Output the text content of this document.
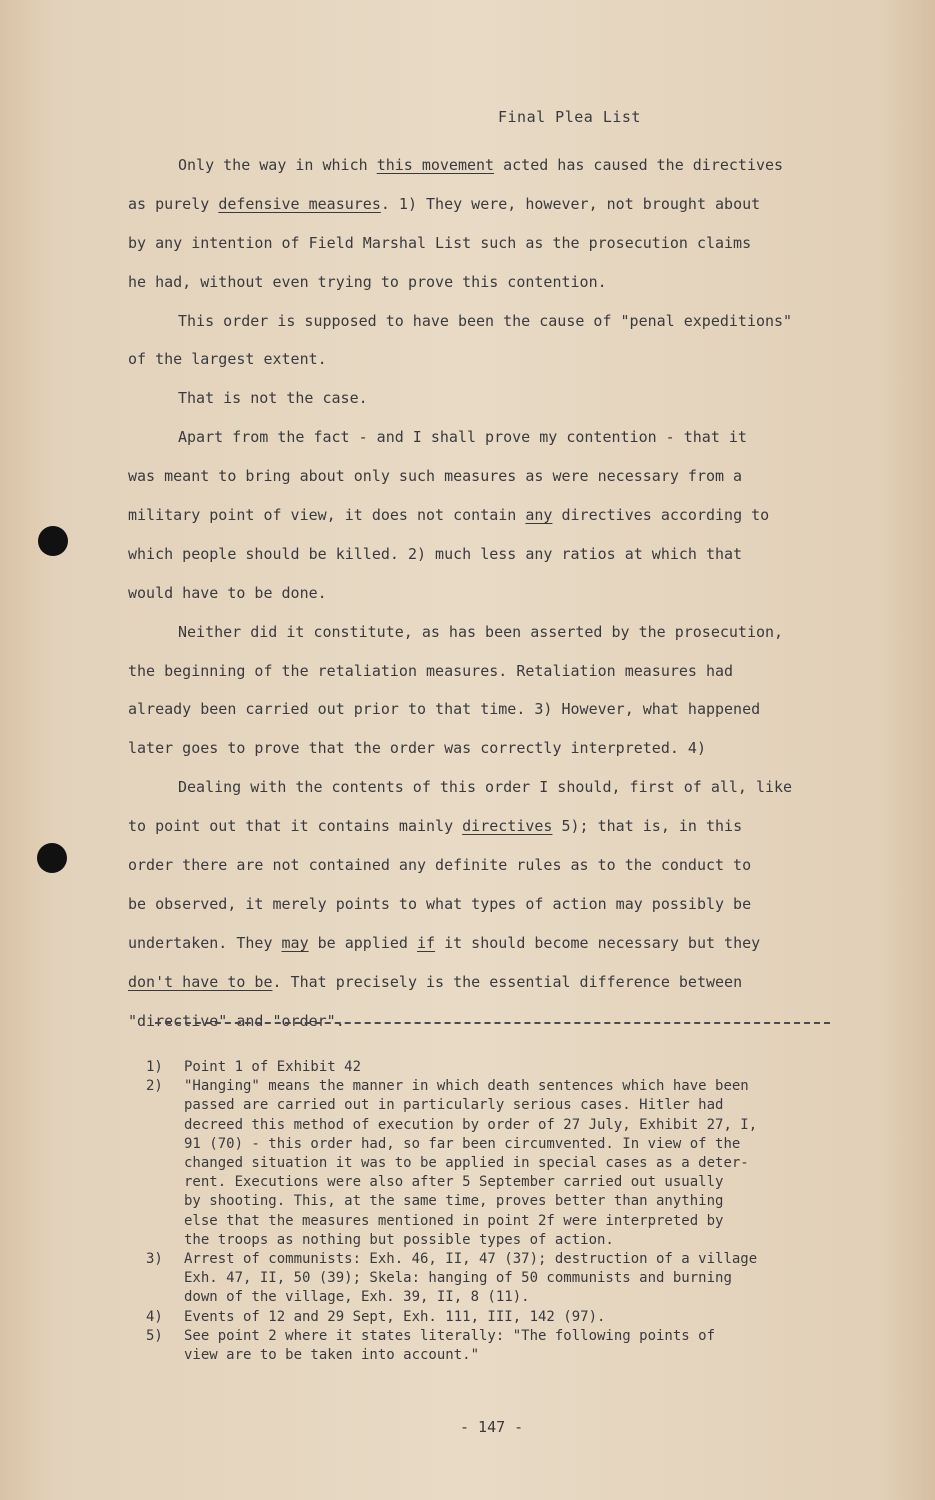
Final Plea List
Only the way in which this movement acted has caused the directives
as purely defensive measures. 1) They were, however, not brought about
by any intention of Field Marshal List such as the prosecution claims
he had, without even trying to prove this contention.
This order is supposed to have been the cause of "penal expeditions"
of the largest extent.
That is not the case.
Apart from the fact - and I shall prove my contention - that it
was meant to bring about only such measures as were necessary from a
military point of view, it does not contain any directives according to
which people should be killed. 2) much less any ratios at which that
would have to be done.
Neither did it constitute, as has been asserted by the prosecution,
the beginning of the retaliation measures. Retaliation measures had
already been carried out prior to that time. 3) However, what happened
later goes to prove that the order was correctly interpreted. 4)
Dealing with the contents of this order I should, first of all, like
to point out that it contains mainly directives 5); that is, in this
order there are not contained any definite rules as to the conduct to
be observed, it merely points to what types of action may possibly be
undertaken. They may be applied if it should become necessary but they
don't have to be. That precisely is the essential difference between
"directive" and "order".
1)	Point 1 of Exhibit 42
2)	"Hanging" means the manner in which death sentences which have been
passed are carried out in particularly serious cases. Hitler had
decreed this method of execution by order of 27 July, Exhibit 27, I,
91 (70) - this order had, so far been circumvented. In view of the
changed situation it was to be applied in special cases as a deter-
rent. Executions were also after 5 September carried out usually
by shooting. This, at the same time, proves better than anything
else that the measures mentioned in point 2f were interpreted by
the troops as nothing but possible types of action.
3)	Arrest of communists: Exh. 46, II, 47 (37); destruction of a village
Exh. 47, II, 50 (39); Skela: hanging of 50 communists and burning
down of the village, Exh. 39, II, 8 (11).
4)	Events of 12 and 29 Sept, Exh. 111, III, 142 (97).
5)	See point 2 where it states literally: "The following points of
view are to be taken into account."
- 147 -
